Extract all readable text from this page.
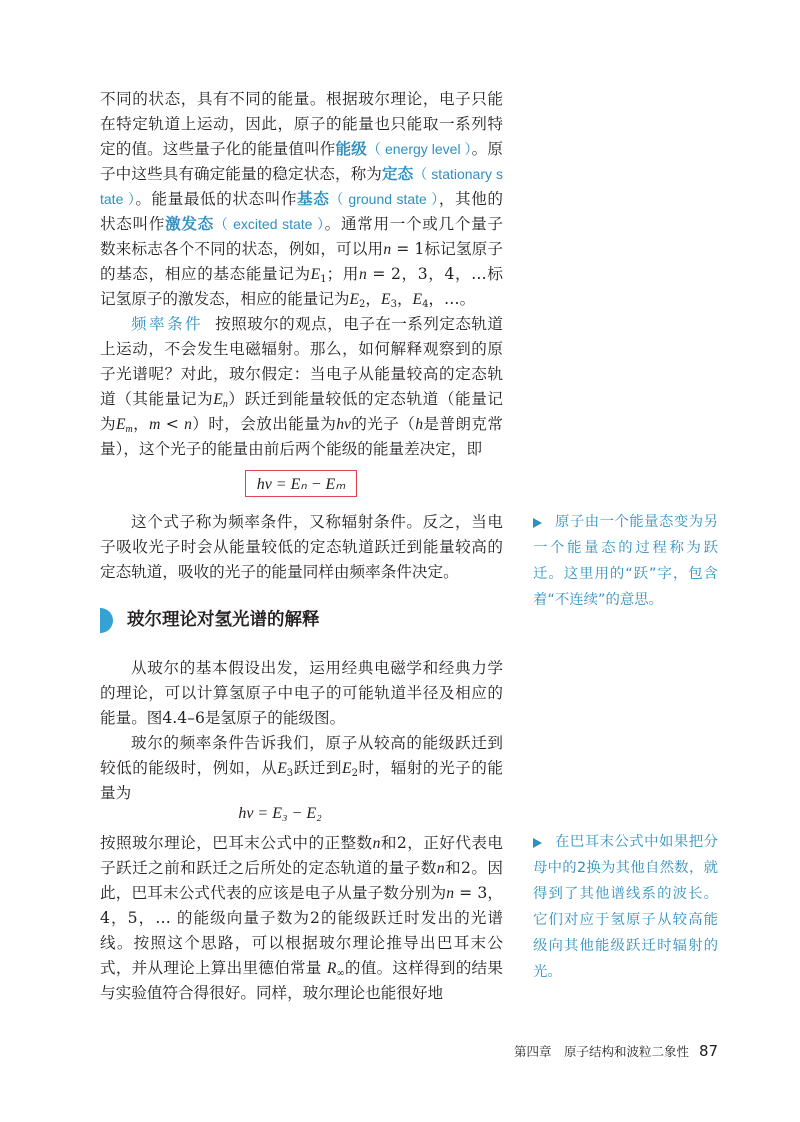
不同的状态，具有不同的能量。根据玻尔理论，电子只能在特定轨道上运动，因此，原子的能量也只能取一系列特定的值。这些量子化的能量值叫作能级（ energy level ）。原子中这些具有确定能量的稳定状态，称为定态（ stationary state ）。能量最低的状态叫作基态（ ground state ），其他的状态叫作激发态（ excited state ）。通常用一个或几个量子数来标志各个不同的状态，例如，可以用n = 1标记氢原子的基态，相应的基态能量记为$E_1$；用n = 2，3，4，…标记氢原子的激发态，相应的能量记为$E_2$，$E_3$，$E_4$，…。

频率条件 按照玻尔的观点，电子在一系列定态轨道上运动，不会发生电磁辐射。那么，如何解释观察到的原子光谱呢？对此，玻尔假定：当电子从能量较高的定态轨道（其能量记为$E_n$）跃迁到能量较低的定态轨道（能量记为$E_m$，m < n）时，会放出能量为hν的光子（h是普朗克常量），这个光子的能量由前后两个能级的能量差决定，即

hν = Eₙ − Eₘ

这个式子称为频率条件，又称辐射条件。反之，当电子吸收光子时会从能量较低的定态轨道跃迁到能量较高的定态轨道，吸收的光子的能量同样由频率条件决定。

原子由一个能量态变为另一个能量态的过程称为跃迁。这里用的“跃”字，包含着“不连续”的意思。
玻尔理论对氢光谱的解释

从玻尔的基本假设出发，运用经典电磁学和经典力学的理论，可以计算氢原子中电子的可能轨道半径及相应的能量。图4.4–6是氢原子的能级图。

玻尔的频率条件告诉我们，原子从较高的能级跃迁到较低的能级时，例如，从$E_3$跃迁到$E_2$时，辐射的光子的能量为

hν = E₃ − E₂

按照玻尔理论，巴耳末公式中的正整数n和2，正好代表电子跃迁之前和跃迁之后所处的定态轨道的量子数n和2。因此，巴耳末公式代表的应该是电子从量子数分别为n = 3，4，5，… 的能级向量子数为2的能级跃迁时发出的光谱线。按照这个思路，可以根据玻尔理论推导出巴耳末公式，并从理论上算出里德伯常量 $R_\infty$的值。这样得到的结果与实验值符合得很好。同样，玻尔理论也能很好地

在巴耳末公式中如果把分母中的2换为其他自然数，就得到了其他谱线系的波长。它们对应于氢原子从较高能级向其他能级跃迁时辐射的光。
第四章　原子结构和波粒二象性 87
